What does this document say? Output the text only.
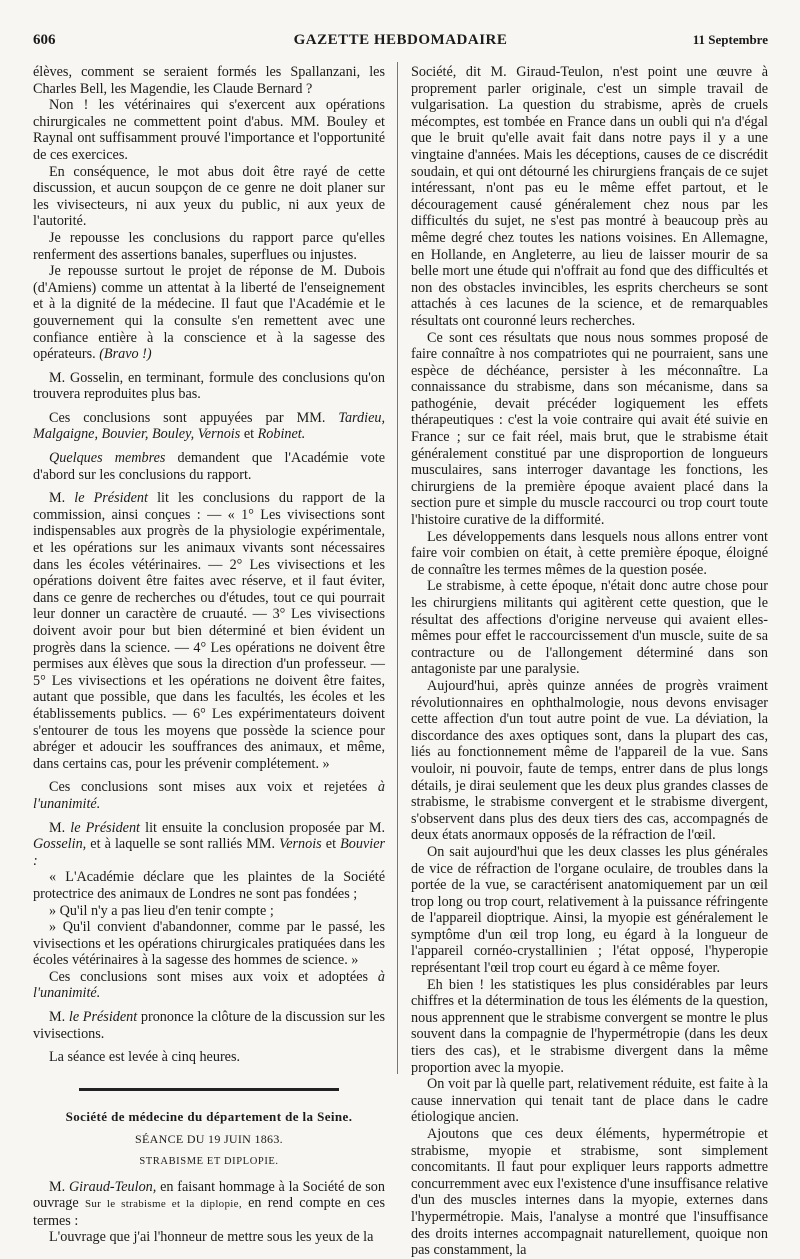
606	GAZETTE HEBDOMADAIRE	11 Septembre

élèves, comment se seraient formés les Spallanzani, les Charles Bell, les Magendie, les Claude Bernard ?

Non ! les vétérinaires qui s'exercent aux opérations chirurgicales ne commettent point d'abus. MM. Bouley et Raynal ont suffisamment prouvé l'importance et l'opportunité de ces exercices.

En conséquence, le mot abus doit être rayé de cette discussion, et aucun soupçon de ce genre ne doit planer sur les vivisecteurs, ni aux yeux du public, ni aux yeux de l'autorité.

Je repousse les conclusions du rapport parce qu'elles renferment des assertions banales, superflues ou injustes.

Je repousse surtout le projet de réponse de M. Dubois (d'Amiens) comme un attentat à la liberté de l'enseignement et à la dignité de la médecine. Il faut que l'Académie et le gouvernement qui la consulte s'en remettent avec une confiance entière à la conscience et à la sagesse des opérateurs. (Bravo !)

M. Gosselin, en terminant, formule des conclusions qu'on trouvera reproduites plus bas.

Ces conclusions sont appuyées par MM. Tardieu, Malgaigne, Bouvier, Bouley, Vernois et Robinet.

Quelques membres demandent que l'Académie vote d'abord sur les conclusions du rapport.

M. le Président lit les conclusions du rapport de la commission, ainsi conçues : — « 1° Les vivisections sont indispensables aux progrès de la physiologie expérimentale, et les opérations sur les animaux vivants sont nécessaires dans les écoles vétérinaires. — 2° Les vivisections et les opérations doivent être faites avec réserve, et il faut éviter, dans ce genre de recherches ou d'études, tout ce qui pourrait leur donner un caractère de cruauté. — 3° Les vivisections doivent avoir pour but bien déterminé et bien évident un progrès dans la science. — 4° Les opérations ne doivent être permises aux élèves que sous la direction d'un professeur. — 5° Les vivisections et les opérations ne doivent être faites, autant que possible, que dans les facultés, les écoles et les établissements publics. — 6° Les expérimentateurs doivent s'entourer de tous les moyens que possède la science pour abréger et adoucir les souffrances des animaux, et même, dans certains cas, pour les prévenir complétement. »

Ces conclusions sont mises aux voix et rejetées à l'unanimité.

M. le Président lit ensuite la conclusion proposée par M. Gosselin, et à laquelle se sont ralliés MM. Vernois et Bouvier :

« L'Académie déclare que les plaintes de la Société protectrice des animaux de Londres ne sont pas fondées ;

» Qu'il n'y a pas lieu d'en tenir compte ;

» Qu'il convient d'abandonner, comme par le passé, les vivisections et les opérations chirurgicales pratiquées dans les écoles vétérinaires à la sagesse des hommes de science. »

Ces conclusions sont mises aux voix et adoptées à l'unanimité.

M. le Président prononce la clôture de la discussion sur les vivisections.

La séance est levée à cinq heures.

Société de médecine du département de la Seine.
SÉANCE DU 19 JUIN 1863.
STRABISME ET DIPLOPIE.

M. Giraud-Teulon, en faisant hommage à la Société de son ouvrage Sur le strabisme et la diplopie, en rend compte en ces termes :

L'ouvrage que j'ai l'honneur de mettre sous les yeux de la

Société, dit M. Giraud-Teulon, n'est point une œuvre à proprement parler originale, c'est un simple travail de vulgarisation. La question du strabisme, après de cruels mécomptes, est tombée en France dans un oubli qui n'a d'égal que le bruit qu'elle avait fait dans notre pays il y a une vingtaine d'années. Mais les déceptions, causes de ce discrédit soudain, et qui ont détourné les chirurgiens français de ce sujet intéressant, n'ont pas eu le même effet partout, et le découragement causé généralement chez nous par les difficultés du sujet, ne s'est pas montré à beaucoup près au même degré chez toutes les nations voisines. En Allemagne, en Hollande, en Angleterre, au lieu de laisser mourir de sa belle mort une étude qui n'offrait au fond que des difficultés et non des obstacles invincibles, les esprits chercheurs se sont attachés à ces lacunes de la science, et de remarquables résultats ont couronné leurs recherches.

Ce sont ces résultats que nous nous sommes proposé de faire connaître à nos compatriotes qui ne pourraient, sans une espèce de déchéance, persister à les méconnaître. La connaissance du strabisme, dans son mécanisme, dans sa pathogénie, devait précéder logiquement les effets thérapeutiques : c'est la voie contraire qui avait été suivie en France ; sur ce fait réel, mais brut, que le strabisme était généralement constitué par une disproportion de longueurs musculaires, sans interroger davantage les fonctions, les chirurgiens de la première époque avaient placé dans la section pure et simple du muscle raccourci ou trop court toute l'histoire curative de la difformité.

Les développements dans lesquels nous allons entrer vont faire voir combien on était, à cette première époque, éloigné de connaître les termes mêmes de la question posée.

Le strabisme, à cette époque, n'était donc autre chose pour les chirurgiens militants qui agitèrent cette question, que le résultat des affections d'origine nerveuse qui avaient elles-mêmes pour effet le raccourcissement d'un muscle, suite de sa contracture ou de l'allongement déterminé dans son antagoniste par une paralysie.

Aujourd'hui, après quinze années de progrès vraiment révolutionnaires en ophthalmologie, nous devons envisager cette affection d'un tout autre point de vue. La déviation, la discordance des axes optiques sont, dans la plupart des cas, liés au fonctionnement même de l'appareil de la vue. Sans vouloir, ni pouvoir, faute de temps, entrer dans de plus longs détails, je dirai seulement que les deux plus grandes classes de strabisme, le strabisme convergent et le strabisme divergent, s'observent dans plus des deux tiers des cas, accompagnés de deux états anormaux opposés de la réfraction de l'œil.

On sait aujourd'hui que les deux classes les plus générales de vice de réfraction de l'organe oculaire, de troubles dans la portée de la vue, se caractérisent anatomiquement par un œil trop long ou trop court, relativement à la puissance réfringente de l'appareil dioptrique. Ainsi, la myopie est généralement le symptôme d'un œil trop long, eu égard à la longueur de l'appareil cornéo-crystallinien ; l'état opposé, l'hyperopie représentant l'œil trop court eu égard à ce même foyer.

Eh bien ! les statistiques les plus considérables par leurs chiffres et la détermination de tous les éléments de la question, nous apprennent que le strabisme convergent se montre le plus souvent dans la compagnie de l'hypermétropie (dans les deux tiers des cas), et le strabisme divergent dans la même proportion avec la myopie.

On voit par là quelle part, relativement réduite, est faite à la cause innervation qui tenait tant de place dans le cadre étiologique ancien.

Ajoutons que ces deux éléments, hypermétropie et strabisme, myopie et strabisme, sont simplement concomitants. Il faut pour expliquer leurs rapports admettre concurremment avec eux l'existence d'une insuffisance relative d'un des muscles internes dans la myopie, externes dans l'hypermétropie. Mais, l'analyse a montré que l'insuffisance des droits internes accompagnait naturellement, quoique non pas constamment, la
